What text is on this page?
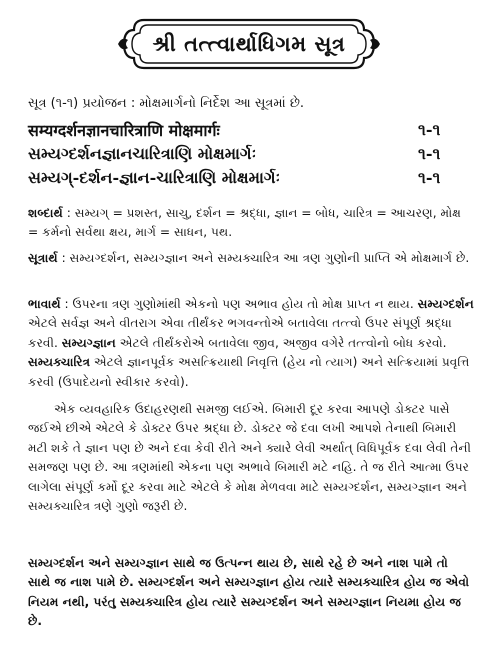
શ્રી તત્ત્વાર્થાધિગમ સૂત્ર
સૂત્ર (૧-૧) પ્રયોજન : મોક્ષમાર્ગનો નિર્દેશ આ સૂત્રમાં છે.
सम्यग्दर्शनज्ञानचारित्राणि मोक्षमार्गः	૧-૧
સમ્યગ્દર્શનજ્ઞાનચારિત્રાણિ મોક્ષમાર્ગઃ	૧-૧
સમ્યગ્-દર્શન-જ્ઞાન-ચારિત્રાણિ મોક્ષમાર્ગઃ	૧-૧

શબ્દાર્થ : સમ્યગ્ = પ્રશસ્ત, સાચુ, દર્શન = શ્રદ્ધા, જ્ઞાન = બોધ, ચારિત્ર = આચરણ, મોક્ષ = કર્મનો સર્વથા ક્ષય, માર્ગ = સાધન, પથ.

સૂત્રાર્થ : સમ્યગ્દર્શન, સમ્યગ્જ્ઞાન અને સમ્યક્ચારિત્ર આ ત્રણ ગુણોની પ્રાપ્તિ એ મોક્ષમાર્ગ છે.

ભાવાર્થ : ઉપરના ત્રણ ગુણોમાંથી એકનો પણ અભાવ હોય તો મોક્ષ પ્રાપ્ત ન થાય. સમ્યગ્દર્શન એટલે સર્વજ્ઞ અને વીતરાગ એવા તીર્થંકર ભગવન્તોએ બતાવેલા તત્ત્વો ઉપર સંપૂર્ણ શ્રદ્ધા કરવી. સમ્યગ્જ્ઞાન એટલે તીર્થંકરોએ બતાવેલા જીવ, અજીવ વગેરે તત્ત્વોનો બોધ કરવો. સમ્યક્ચારિત્ર એટલે જ્ઞાનપૂર્વક અસત્ક્રિયાથી નિવૃત્તિ (હેય નો ત્યાગ) અને સત્ક્રિયામાં પ્રવૃત્તિ કરવી (ઉપાદેયનો સ્વીકાર કરવો).

એક વ્યવહારિક ઉદાહરણથી સમજી લઈએ. બિમારી દૂર કરવા આપણે ડોક્ટર પાસે જઈએ છીએ એટલે કે ડોક્ટર ઉપર શ્રદ્ધા છે. ડોક્ટર જે દવા લખી આપશે તેનાથી બિમારી મટી શકે તે જ્ઞાન પણ છે અને દવા કેવી રીતે અને ક્યારે લેવી અર્થાત્ વિધિપૂર્વક દવા લેવી તેની સમજણ પણ છે. આ ત્રણમાંથી એકના પણ અભાવે બિમારી મટે નહિ. તે જ રીતે આત્મા ઉપર લાગેલા સંપૂર્ણ કર્મો દૂર કરવા માટે એટલે કે મોક્ષ મેળવવા માટે સમ્યગ્દર્શન, સમ્યગ્જ્ઞાન અને સમ્યક્ચારિત્ર ત્રણે ગુણો જરૂરી છે.

સમ્યગ્દર્શન અને સમ્યગ્જ્ઞાન સાથે જ ઉત્પન્ન થાય છે, સાથે રહે છે અને નાશ પામે તો સાથે જ નાશ પામે છે. સમ્યગ્દર્શન અને સમ્યગ્જ્ઞાન હોય ત્યારે સમ્યક્ચારિત્ર હોય જ એવો નિયમ નથી, પરંતુ સમ્યક્ચારિત્ર હોય ત્યારે સમ્યગ્દર્શન અને સમ્યગ્જ્ઞાન નિયમા હોય જ છે.
